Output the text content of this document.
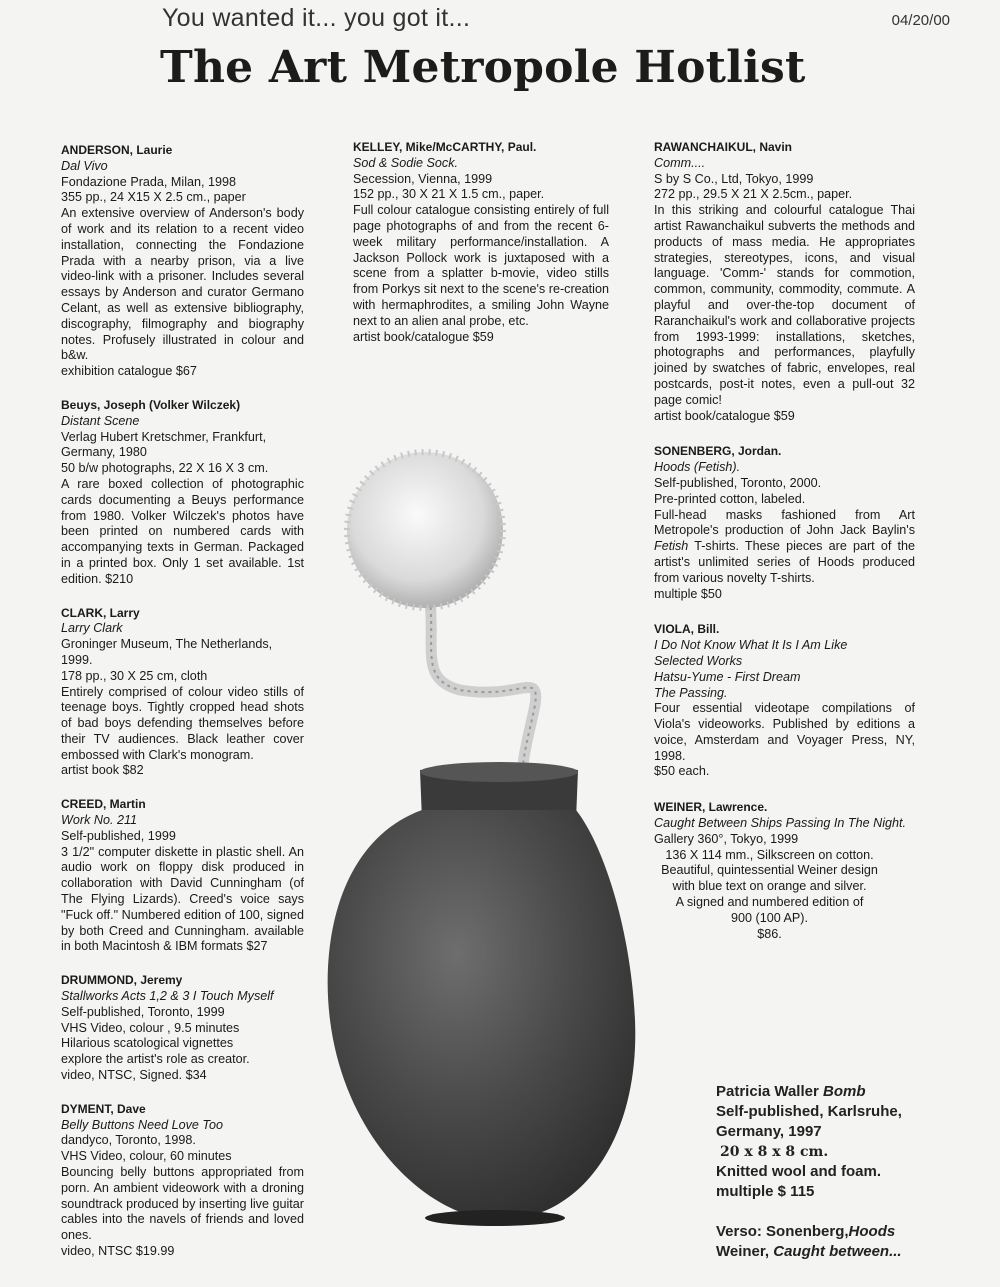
You wanted it... you got it...	04/20/00
The Art Metropole Hotlist
ANDERSON, Laurie
Dal Vivo
Fondazione Prada, Milan, 1998
355 pp., 24 X15 X 2.5 cm., paper
An extensive overview of Anderson's body of work and its relation to a recent video installation, connecting the Fondazione Prada with a nearby prison, via a live video-link with a prisoner. Includes several essays by Anderson and curator Germano Celant, as well as extensive bibliography, discography, filmography and biography notes. Profusely illustrated in colour and b&w.
exhibition catalogue $67
Beuys, Joseph (Volker Wilczek)
Distant Scene
Verlag Hubert Kretschmer, Frankfurt, Germany, 1980
50 b/w photographs, 22 X 16 X 3 cm.
A rare boxed collection of photographic cards documenting a Beuys performance from 1980. Volker Wilczek's photos have been printed on numbered cards with accompanying texts in German. Packaged in a printed box. Only 1 set available. 1st edition. $210
CLARK, Larry
Larry Clark
Groninger Museum, The Netherlands, 1999.
178 pp., 30 X 25 cm, cloth
Entirely comprised of colour video stills of teenage boys. Tightly cropped head shots of bad boys defending themselves before their TV audiences. Black leather cover embossed with Clark's monogram.
artist book $82
CREED, Martin
Work No. 211
Self-published, 1999
3 1/2" computer diskette in plastic shell. An audio work on floppy disk produced in collaboration with David Cunningham (of The Flying Lizards). Creed's voice says "Fuck off." Numbered edition of 100, signed by both Creed and Cunningham. available in both Macintosh & IBM formats $27
DRUMMOND, Jeremy
Stallworks Acts 1,2 & 3 I Touch Myself
Self-published, Toronto, 1999
VHS Video, colour , 9.5 minutes
Hilarious scatological vignettes
explore the artist's role as creator.
video, NTSC, Signed. $34
DYMENT, Dave
Belly Buttons Need Love Too
dandyco, Toronto, 1998.
VHS Video, colour, 60 minutes
Bouncing belly buttons appropriated from porn. An ambient videowork with a droning soundtrack produced by inserting live guitar cables into the navels of friends and loved ones.
video, NTSC $19.99
KELLEY, Mike/McCARTHY, Paul.
Sod & Sodie Sock.
Secession, Vienna, 1999
152 pp., 30 X 21 X 1.5 cm., paper.
Full colour catalogue consisting entirely of full page photographs of and from the recent 6-week military performance/installation. A Jackson Pollock work is juxtaposed with a scene from a splatter b-movie, video stills from Porkys sit next to the scene's re-creation with hermaphrodites, a smiling John Wayne next to an alien anal probe, etc.
artist book/catalogue $59
RAWANCHAIKUL, Navin
Comm....
S by S Co., Ltd, Tokyo, 1999
272 pp., 29.5 X 21 X 2.5cm., paper.
In this striking and colourful catalogue Thai artist Rawanchaikul subverts the methods and products of mass media. He appropriates strategies, stereotypes, icons, and visual language. 'Comm-' stands for commotion, common, community, commodity, commute. A playful and over-the-top document of Raranchaikul's work and collaborative projects from 1993-1999: installations, sketches, photographs and performances, playfully joined by swatches of fabric, envelopes, real postcards, post-it notes, even a pull-out 32 page comic!
artist book/catalogue $59
SONENBERG, Jordan.
Hoods (Fetish).
Self-published, Toronto, 2000.
Pre-printed cotton, labeled.
Full-head masks fashioned from Art Metropole's production of John Jack Baylin's Fetish T-shirts. These pieces are part of the artist's unlimited series of Hoods produced from various novelty T-shirts.
multiple $50
VIOLA, Bill.
I Do Not Know What It Is I Am Like
Selected Works
Hatsu-Yume - First Dream
The Passing.
Four essential videotape compilations of Viola's videoworks. Published by editions a voice, Amsterdam and Voyager Press, NY, 1998.
$50 each.
WEINER, Lawrence.
Caught Between Ships Passing In The Night.
Gallery 360°, Tokyo, 1999
136 X 114 mm., Silkscreen on cotton.
Beautiful, quintessential Weiner design
with blue text on orange and silver.
A signed and numbered edition of
900 (100 AP).
$86.
Patricia Waller Bomb
Self-published, Karlsruhe,
Germany, 1997
20 x 8 x 8 cm.
Knitted wool and foam.
multiple $ 115
Verso: Sonenberg,Hoods
Weiner, Caught between...
